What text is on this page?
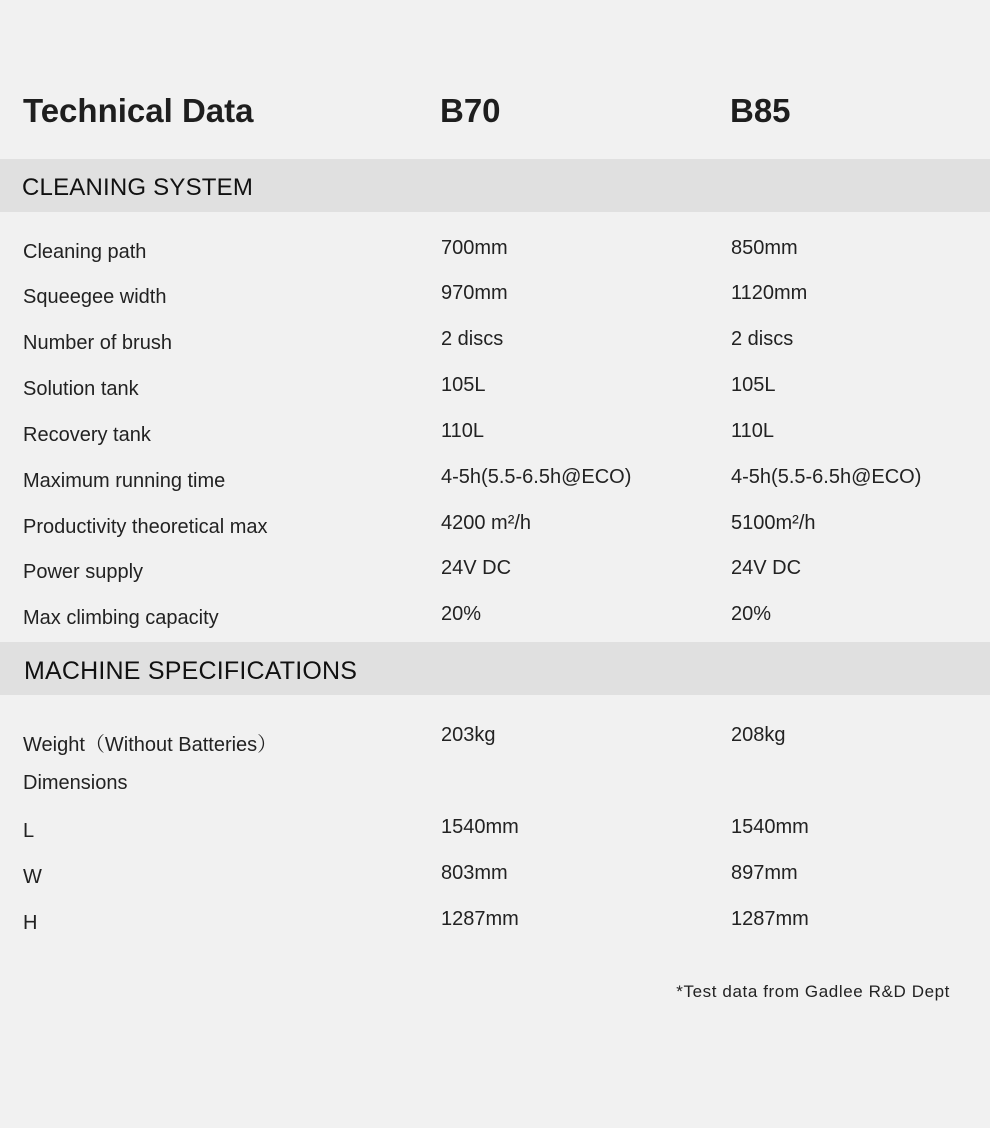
Technical Data	B70	B85
CLEANING SYSTEM
Cleaning path	700mm	850mm
Squeegee width	970mm	1120mm
Number of brush	2 discs	2 discs
Solution tank	105L	105L
Recovery tank	110L	110L
Maximum running time	4-5h(5.5-6.5h@ECO)	4-5h(5.5-6.5h@ECO)
Productivity theoretical max	4200 m²/h	5100m²/h
Power supply	24V DC	24V DC
Max climbing capacity	20%	20%
MACHINE SPECIFICATIONS
Weight（Without Batteries）	203kg	208kg
Dimensions
L	1540mm	1540mm
W	803mm	897mm
H	1287mm	1287mm
*Test data from Gadlee R&D Dept
